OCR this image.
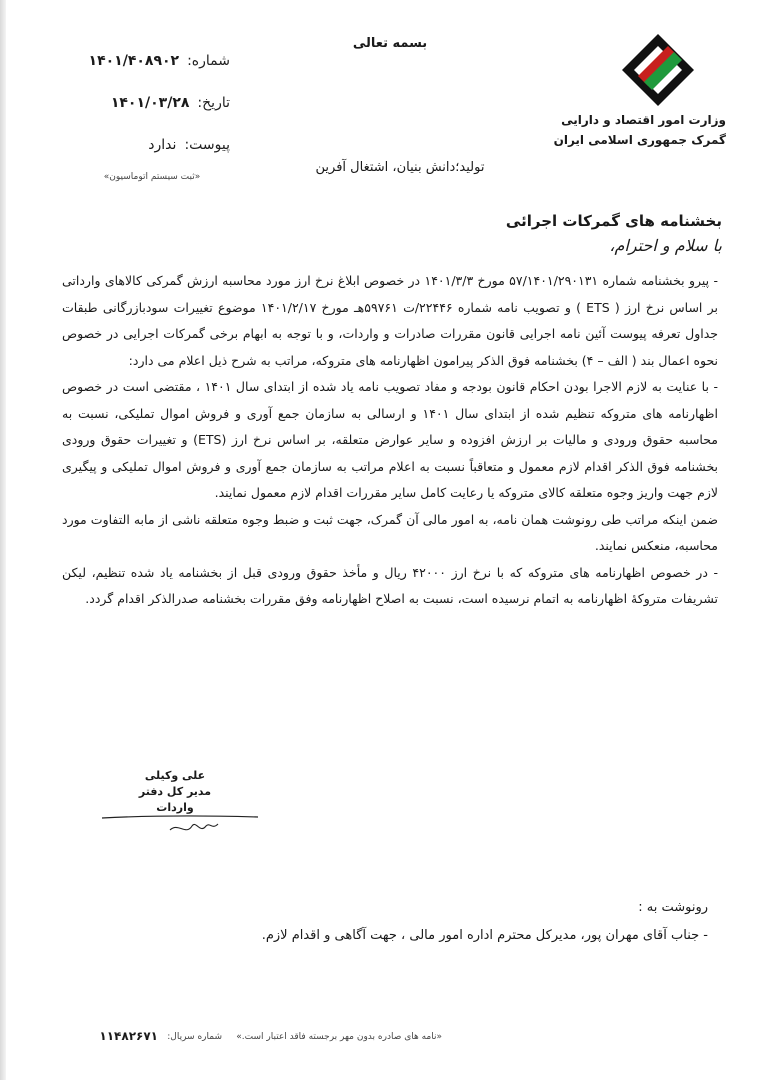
وزارت امور اقتصاد و دارایی
گمرک جمهوری اسلامی ایران
بسمه تعالی
شماره:
۱۴۰۱/۴۰۸۹۰۲
تاریخ:
۱۴۰۱/۰۳/۲۸
پیوست:
ندارد
«ثبت سیستم اتوماسیون»
تولید؛دانش بنیان، اشتغال آفرین
بخشنامه های گمرکات اجرائی
با سلام و احترام،

- پیرو بخشنامه شماره ۵۷/۱۴۰۱/۲۹۰۱۳۱ مورخ ۱۴۰۱/۳/۳ در خصوص ابلاغ نرخ ارز مورد محاسبه ارزش گمرکی کالاهای وارداتی بر اساس نرخ ارز ( ETS ) و تصویب نامه شماره ۲۲۴۴۶/ت ۵۹۷۶۱هـ مورخ ۱۴۰۱/۲/۱۷ موضوع تغییرات سودبازرگانی طبقات جداول تعرفه پیوست آئین نامه اجرایی قانون مقررات صادرات و واردات، و با توجه به ابهام برخی گمرکات اجرایی در خصوص نحوه اعمال بند ( الف – ۴) بخشنامه فوق الذکر پیرامون اظهارنامه های متروکه، مراتب به شرح ذیل اعلام می دارد:

- با عنایت به لازم الاجرا بودن احکام قانون بودجه و مفاد تصویب نامه یاد شده از ابتدای سال ۱۴۰۱ ، مقتضی است در خصوص اظهارنامه های متروکه تنظیم شده از ابتدای سال ۱۴۰۱ و ارسالی به سازمان جمع آوری و فروش اموال تملیکی، نسبت به محاسبه حقوق ورودی و مالیات بر ارزش افزوده و سایر عوارض متعلقه، بر اساس نرخ ارز (ETS) و تغییرات حقوق ورودی بخشنامه فوق الذکر اقدام لازم معمول و متعاقباً نسبت به اعلام مراتب به سازمان جمع آوری و فروش اموال تملیکی و پیگیری لازم جهت واریز وجوه متعلقه کالای متروکه یا رعایت کامل سایر مقررات اقدام لازم معمول نمایند.

ضمن اینکه مراتب طی رونوشت همان نامه، به امور مالی آن گمرک، جهت ثبت و ضبط وجوه متعلقه ناشی از مابه التفاوت مورد محاسبه، منعکس نمایند.

- در خصوص اظهارنامه های متروکه که با نرخ ارز ۴۲۰۰۰ ریال و مأخذ حقوق ورودی قبل از بخشنامه یاد شده تنظیم، لیکن تشریفات متروکۀ اظهارنامه به اتمام نرسیده است، نسبت به اصلاح اظهارنامه وفق مقررات بخشنامه صدرالذکر اقدام گردد.

علی وکیلی
مدیر کل دفتر واردات
رونوشت به :
- جناب آقای مهران پور، مدیرکل محترم اداره امور مالی ، جهت آگاهی و اقدام لازم.
«نامه های صادره بدون مهر برجسته فاقد اعتبار است.»
شماره سریال:
۱۱۴۸۲۶۷۱
